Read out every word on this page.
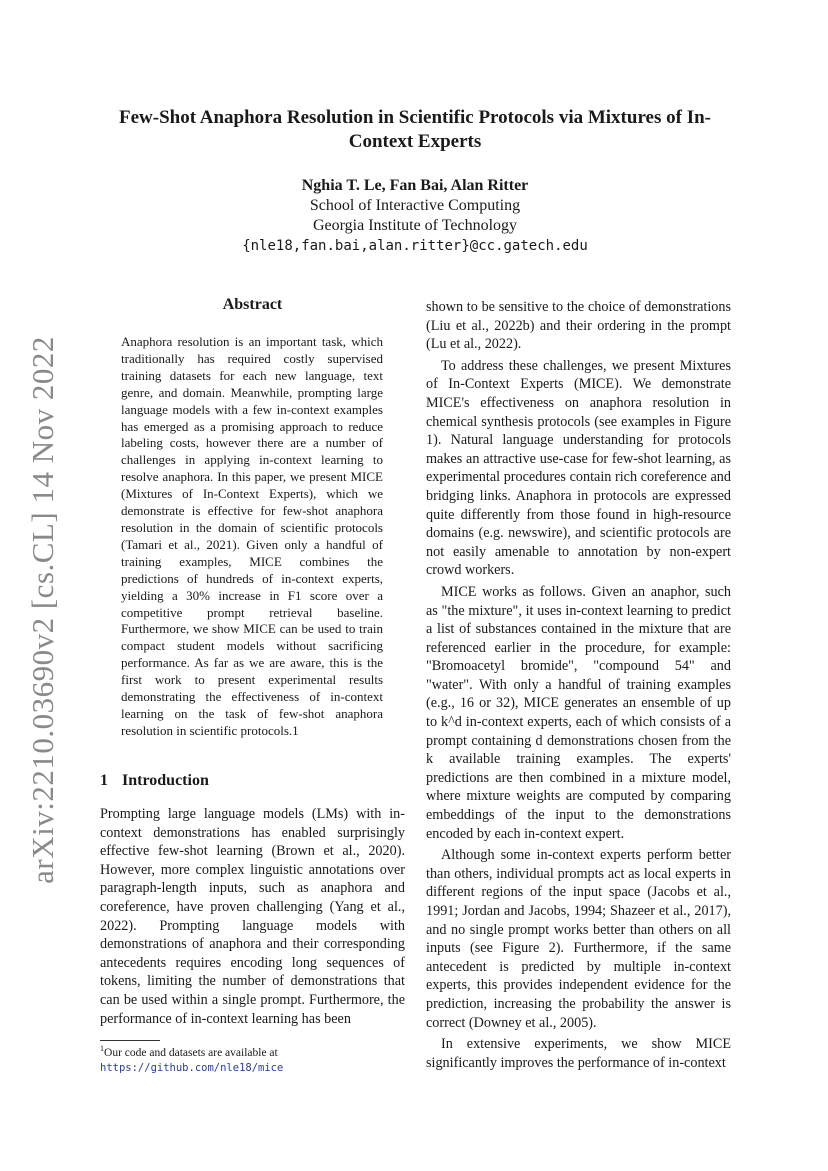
arXiv:2210.03690v2 [cs.CL] 14 Nov 2022
Few-Shot Anaphora Resolution in Scientific Protocols via Mixtures of In-Context Experts
Nghia T. Le, Fan Bai, Alan Ritter
School of Interactive Computing
Georgia Institute of Technology
{nle18,fan.bai,alan.ritter}@cc.gatech.edu
Abstract
Anaphora resolution is an important task, which traditionally has required costly supervised training datasets for each new language, text genre, and domain. Meanwhile, prompting large language models with a few in-context examples has emerged as a promising approach to reduce labeling costs, however there are a number of challenges in applying in-context learning to resolve anaphora. In this paper, we present MICE (Mixtures of In-Context Experts), which we demonstrate is effective for few-shot anaphora resolution in the domain of scientific protocols (Tamari et al., 2021). Given only a handful of training examples, MICE combines the predictions of hundreds of in-context experts, yielding a 30% increase in F1 score over a competitive prompt retrieval baseline. Furthermore, we show MICE can be used to train compact student models without sacrificing performance. As far as we are aware, this is the first work to present experimental results demonstrating the effectiveness of in-context learning on the task of few-shot anaphora resolution in scientific protocols.1
1 Introduction

Prompting large language models (LMs) with in-context demonstrations has enabled surprisingly effective few-shot learning (Brown et al., 2020). However, more complex linguistic annotations over paragraph-length inputs, such as anaphora and coreference, have proven challenging (Yang et al., 2022). Prompting language models with demonstrations of anaphora and their corresponding antecedents requires encoding long sequences of tokens, limiting the number of demonstrations that can be used within a single prompt. Furthermore, the performance of in-context learning has been

shown to be sensitive to the choice of demonstrations (Liu et al., 2022b) and their ordering in the prompt (Lu et al., 2022).

To address these challenges, we present Mixtures of In-Context Experts (MICE). We demonstrate MICE's effectiveness on anaphora resolution in chemical synthesis protocols (see examples in Figure 1). Natural language understanding for protocols makes an attractive use-case for few-shot learning, as experimental procedures contain rich coreference and bridging links. Anaphora in protocols are expressed quite differently from those found in high-resource domains (e.g. newswire), and scientific protocols are not easily amenable to annotation by non-expert crowd workers.

MICE works as follows. Given an anaphor, such as "the mixture", it uses in-context learning to predict a list of substances contained in the mixture that are referenced earlier in the procedure, for example: "Bromoacetyl bromide", "compound 54" and "water". With only a handful of training examples (e.g., 16 or 32), MICE generates an ensemble of up to k^d in-context experts, each of which consists of a prompt containing d demonstrations chosen from the k available training examples. The experts' predictions are then combined in a mixture model, where mixture weights are computed by comparing embeddings of the input to the demonstrations encoded by each in-context expert.

Although some in-context experts perform better than others, individual prompts act as local experts in different regions of the input space (Jacobs et al., 1991; Jordan and Jacobs, 1994; Shazeer et al., 2017), and no single prompt works better than others on all inputs (see Figure 2). Furthermore, if the same antecedent is predicted by multiple in-context experts, this provides independent evidence for the prediction, increasing the probability the answer is correct (Downey et al., 2005).

In extensive experiments, we show MICE significantly improves the performance of in-context

$^1$Our code and datasets are available at https://github.com/nle18/mice
